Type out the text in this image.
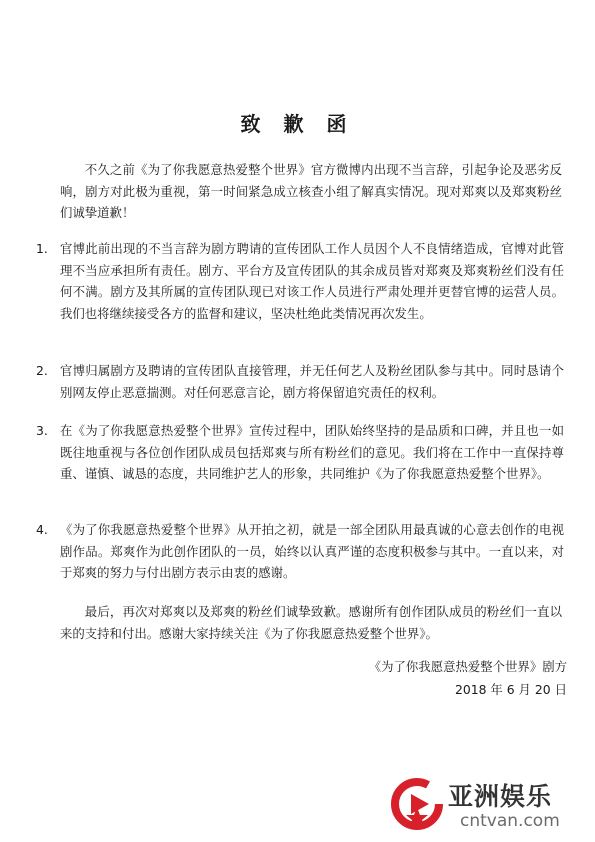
致 歉 函
不久之前《为了你我愿意热爱整个世界》官方微博内出现不当言辞，引起争论及恶劣反响，剧方对此极为重视，第一时间紧急成立核查小组了解真实情况。现对郑爽以及郑爽粉丝们诚挚道歉！
1. 官博此前出现的不当言辞为剧方聘请的宣传团队工作人员因个人不良情绪造成，官博对此管理不当应承担所有责任。剧方、平台方及宣传团队的其余成员皆对郑爽及郑爽粉丝们没有任何不满。剧方及其所属的宣传团队现已对该工作人员进行严肃处理并更替官博的运营人员。我们也将继续接受各方的监督和建议，坚决杜绝此类情况再次发生。
2. 官博归属剧方及聘请的宣传团队直接管理，并无任何艺人及粉丝团队参与其中。同时恳请个别网友停止恶意揣测。对任何恶意言论，剧方将保留追究责任的权利。
3. 在《为了你我愿意热爱整个世界》宣传过程中，团队始终坚持的是品质和口碑，并且也一如既往地重视与各位创作团队成员包括郑爽与所有粉丝们的意见。我们将在工作中一直保持尊重、谨慎、诚恳的态度，共同维护艺人的形象，共同维护《为了你我愿意热爱整个世界》。
4. 《为了你我愿意热爱整个世界》从开拍之初，就是一部全团队用最真诚的心意去创作的电视剧作品。郑爽作为此创作团队的一员，始终以认真严谨的态度积极参与其中。一直以来，对于郑爽的努力与付出剧方表示由衷的感谢。
最后，再次对郑爽以及郑爽的粉丝们诚挚致歉。感谢所有创作团队成员的粉丝们一直以来的支持和付出。感谢大家持续关注《为了你我愿意热爱整个世界》。
《为了你我愿意热爱整个世界》剧方
2018 年 6 月 20 日
亚洲娱乐
cntvan.com
